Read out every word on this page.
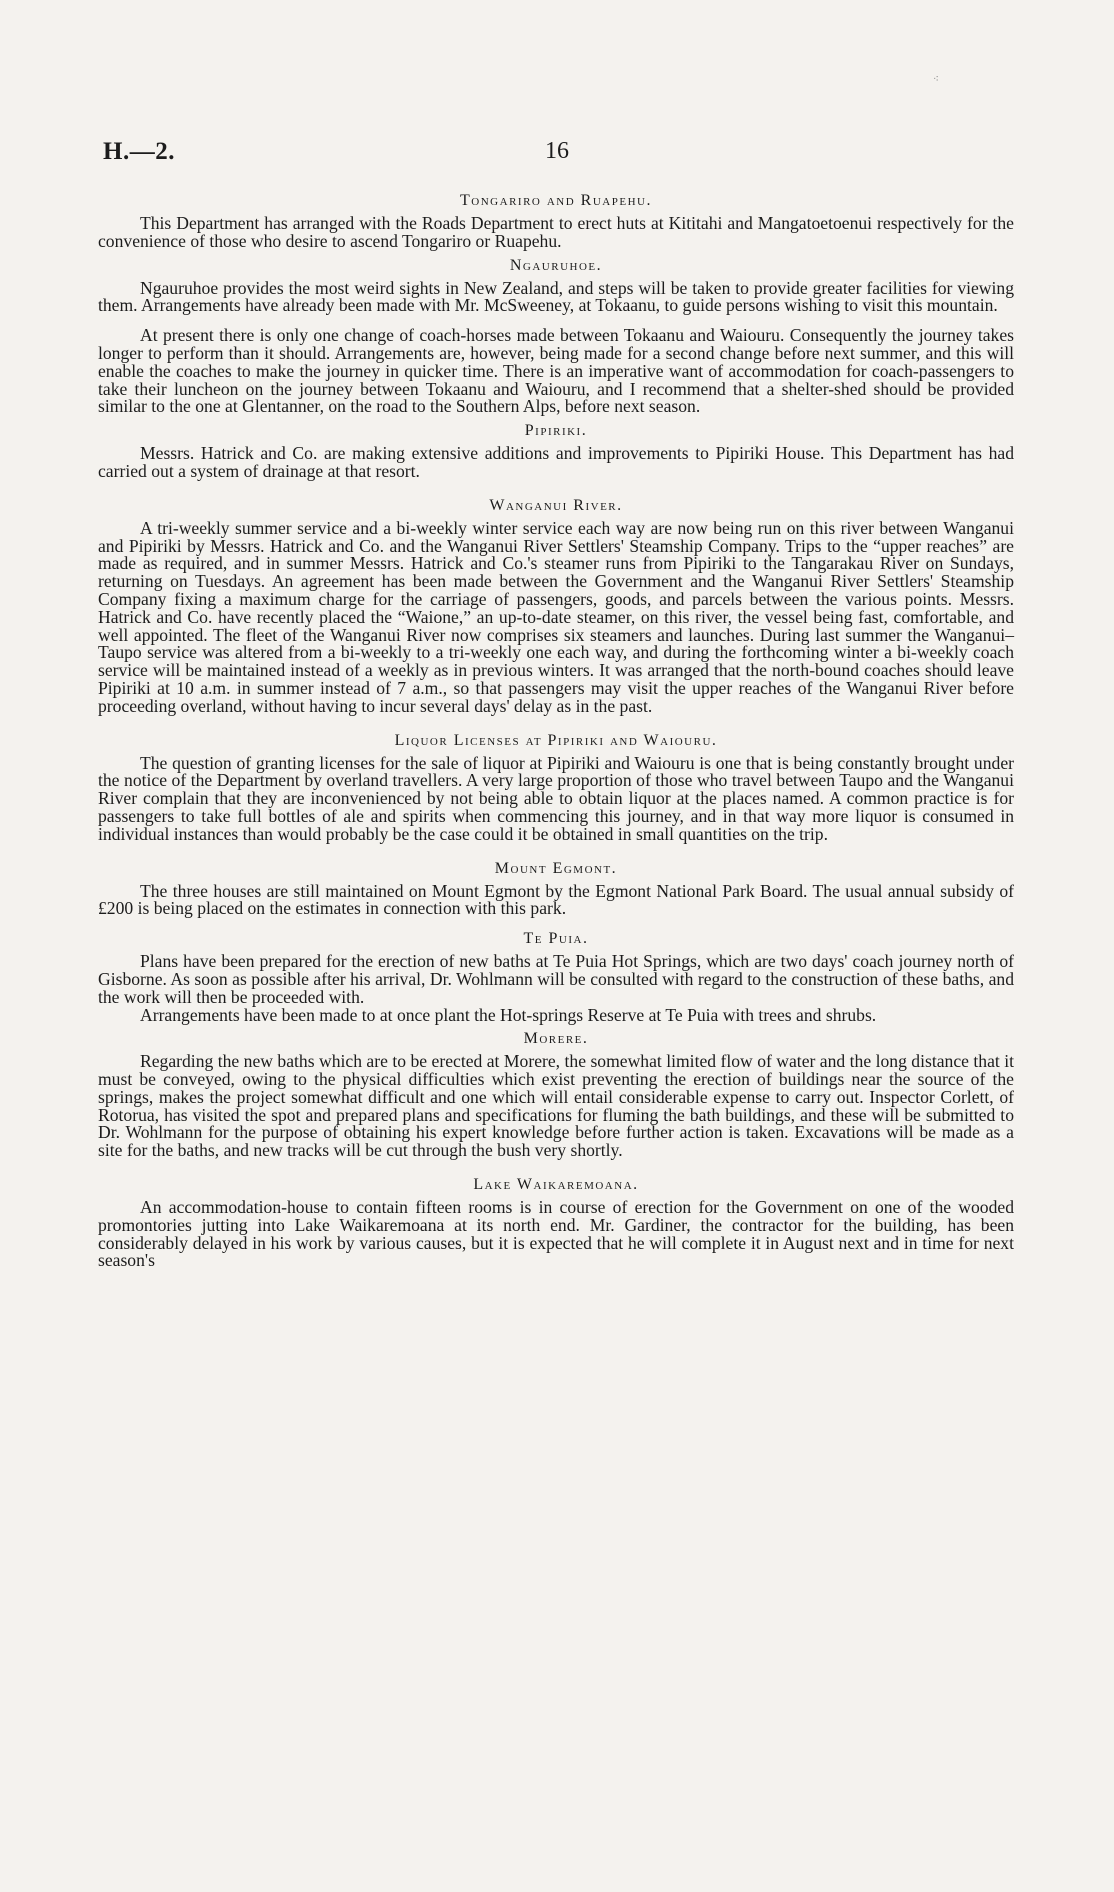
⁖
H.—2.	16
Tongariro and Ruapehu.

This Department has arranged with the Roads Department to erect huts at Kititahi and Mangatoetoenui respectively for the convenience of those who desire to ascend Tongariro or Ruapehu.

Ngauruhoe.

Ngauruhoe provides the most weird sights in New Zealand, and steps will be taken to provide greater facilities for viewing them. Arrangements have already been made with Mr. McSweeney, at Tokaanu, to guide persons wishing to visit this mountain.

At present there is only one change of coach-horses made between Tokaanu and Waiouru. Consequently the journey takes longer to perform than it should. Arrangements are, however, being made for a second change before next summer, and this will enable the coaches to make the journey in quicker time. There is an imperative want of accommodation for coach-passengers to take their luncheon on the journey between Tokaanu and Waiouru, and I recommend that a shelter-shed should be provided similar to the one at Glentanner, on the road to the Southern Alps, before next season.

Pipiriki.

Messrs. Hatrick and Co. are making extensive additions and improvements to Pipiriki House. This Department has had carried out a system of drainage at that resort.

Wanganui River.

A tri-weekly summer service and a bi-weekly winter service each way are now being run on this river between Wanganui and Pipiriki by Messrs. Hatrick and Co. and the Wanganui River Settlers' Steamship Company. Trips to the “upper reaches” are made as required, and in summer Messrs. Hatrick and Co.'s steamer runs from Pipiriki to the Tangarakau River on Sundays, returning on Tuesdays. An agreement has been made between the Government and the Wanganui River Settlers' Steamship Company fixing a maximum charge for the carriage of passengers, goods, and parcels between the various points. Messrs. Hatrick and Co. have recently placed the “Waione,” an up-to-date steamer, on this river, the vessel being fast, comfortable, and well appointed. The fleet of the Wanganui River now comprises six steamers and launches. During last summer the Wanganui–Taupo service was altered from a bi-weekly to a tri-weekly one each way, and during the forthcoming winter a bi-weekly coach service will be maintained instead of a weekly as in previous winters. It was arranged that the north-bound coaches should leave Pipiriki at 10 a.m. in summer instead of 7 a.m., so that passengers may visit the upper reaches of the Wanganui River before proceeding overland, without having to incur several days' delay as in the past.

Liquor Licenses at Pipiriki and Waiouru.

The question of granting licenses for the sale of liquor at Pipiriki and Waiouru is one that is being constantly brought under the notice of the Department by overland travellers. A very large proportion of those who travel between Taupo and the Wanganui River complain that they are inconvenienced by not being able to obtain liquor at the places named. A common practice is for passengers to take full bottles of ale and spirits when commencing this journey, and in that way more liquor is consumed in individual instances than would probably be the case could it be obtained in small quantities on the trip.

Mount Egmont.

The three houses are still maintained on Mount Egmont by the Egmont National Park Board. The usual annual subsidy of £200 is being placed on the estimates in connection with this park.

Te Puia.

Plans have been prepared for the erection of new baths at Te Puia Hot Springs, which are two days' coach journey north of Gisborne. As soon as possible after his arrival, Dr. Wohlmann will be consulted with regard to the construction of these baths, and the work will then be proceeded with.

Arrangements have been made to at once plant the Hot-springs Reserve at Te Puia with trees and shrubs.

Morere.

Regarding the new baths which are to be erected at Morere, the somewhat limited flow of water and the long distance that it must be conveyed, owing to the physical difficulties which exist preventing the erection of buildings near the source of the springs, makes the project somewhat difficult and one which will entail considerable expense to carry out. Inspector Corlett, of Rotorua, has visited the spot and prepared plans and specifications for fluming the bath buildings, and these will be submitted to Dr. Wohlmann for the purpose of obtaining his expert knowledge before further action is taken. Excavations will be made as a site for the baths, and new tracks will be cut through the bush very shortly.

Lake Waikaremoana.

An accommodation-house to contain fifteen rooms is in course of erection for the Government on one of the wooded promontories jutting into Lake Waikaremoana at its north end. Mr. Gardiner, the contractor for the building, has been considerably delayed in his work by various causes, but it is expected that he will complete it in August next and in time for next season's
